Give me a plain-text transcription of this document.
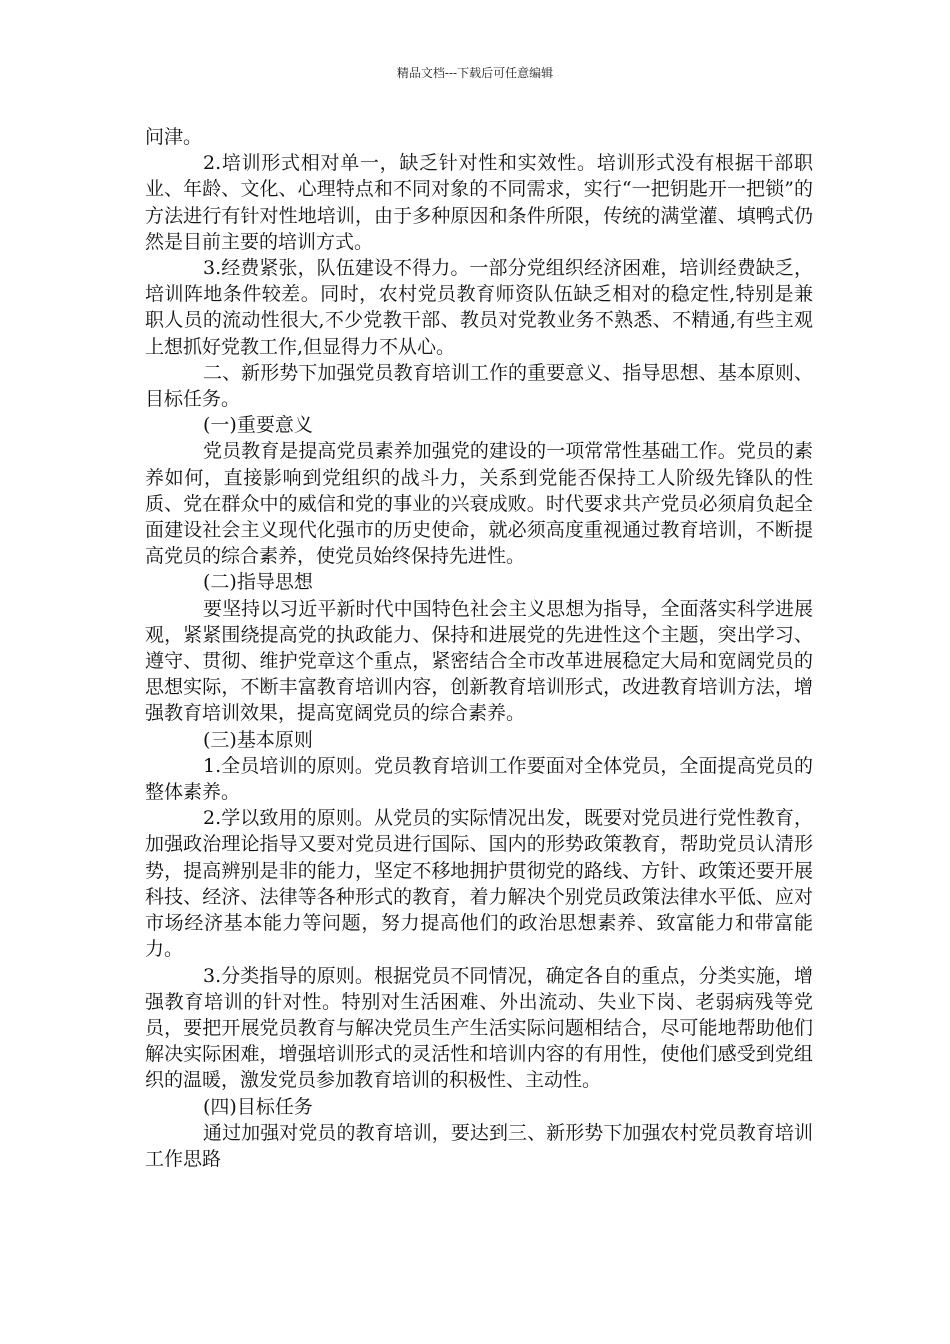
精品文档---下载后可任意编辑

问津。

2.培训形式相对单一，缺乏针对性和实效性。培训形式没有根据干部职业、年龄、文化、心理特点和不同对象的不同需求，实行“一把钥匙开一把锁”的方法进行有针对性地培训，由于多种原因和条件所限，传统的满堂灌、填鸭式仍然是目前主要的培训方式。

3.经费紧张，队伍建设不得力。一部分党组织经济困难，培训经费缺乏，培训阵地条件较差。同时，农村党员教育师资队伍缺乏相对的稳定性,特别是兼职人员的流动性很大,不少党教干部、教员对党教业务不熟悉、不精通,有些主观上想抓好党教工作,但显得力不从心。

二、新形势下加强党员教育培训工作的重要意义、指导思想、基本原则、目标任务。

(一)重要意义

党员教育是提高党员素养加强党的建设的一项常常性基础工作。党员的素养如何，直接影响到党组织的战斗力，关系到党能否保持工人阶级先锋队的性质、党在群众中的威信和党的事业的兴衰成败。时代要求共产党员必须肩负起全面建设社会主义现代化强市的历史使命，就必须高度重视通过教育培训，不断提高党员的综合素养，使党员始终保持先进性。

(二)指导思想

要坚持以习近平新时代中国特色社会主义思想为指导，全面落实科学进展观，紧紧围绕提高党的执政能力、保持和进展党的先进性这个主题，突出学习、遵守、贯彻、维护党章这个重点，紧密结合全市改革进展稳定大局和宽阔党员的思想实际，不断丰富教育培训内容，创新教育培训形式，改进教育培训方法，增强教育培训效果，提高宽阔党员的综合素养。

(三)基本原则

1.全员培训的原则。党员教育培训工作要面对全体党员，全面提高党员的整体素养。

2.学以致用的原则。从党员的实际情况出发，既要对党员进行党性教育，加强政治理论指导又要对党员进行国际、国内的形势政策教育，帮助党员认清形势，提高辨别是非的能力，坚定不移地拥护贯彻党的路线、方针、政策还要开展科技、经济、法律等各种形式的教育，着力解决个别党员政策法律水平低、应对市场经济基本能力等问题，努力提高他们的政治思想素养、致富能力和带富能力。

3.分类指导的原则。根据党员不同情况，确定各自的重点，分类实施，增强教育培训的针对性。特别对生活困难、外出流动、失业下岗、老弱病残等党员，要把开展党员教育与解决党员生产生活实际问题相结合，尽可能地帮助他们解决实际困难，增强培训形式的灵活性和培训内容的有用性，使他们感受到党组织的温暖，激发党员参加教育培训的积极性、主动性。

(四)目标任务

通过加强对党员的教育培训，要达到三、新形势下加强农村党员教育培训工作思路
